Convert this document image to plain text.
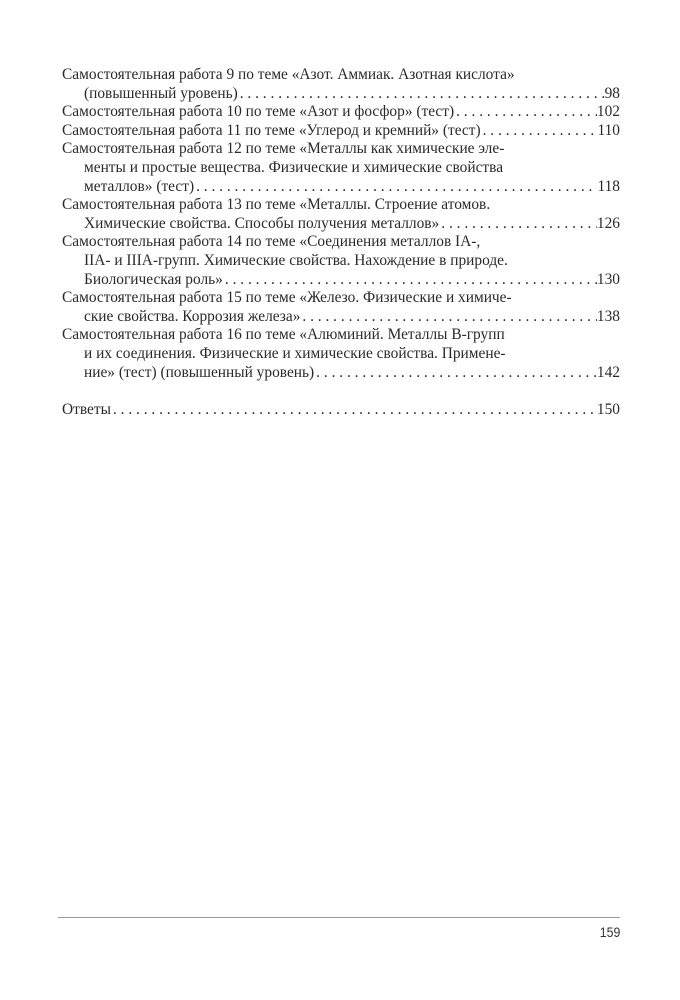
Самостоятельная работа 9 по теме «Азот. Аммиак. Азотная кислота»
(повышенный уровень) . . .	98
Самостоятельная работа 10 по теме «Азот и фосфор» (тест) . . .	102
Самостоятельная работа 11 по теме «Углерод и кремний» (тест) . . .	110
Самостоятельная работа 12 по теме «Металлы как химические эле-
менты и простые вещества. Физические и химические свойства
металлов» (тест) . . .	118
Самостоятельная работа 13 по теме «Металлы. Строение атомов.
Химические свойства. Способы получения металлов» . . .	126
Самостоятельная работа 14 по теме «Соединения металлов IA-,
IIA- и IIIA-групп. Химические свойства. Нахождение в природе.
Биологическая роль» . . .	130
Самостоятельная работа 15 по теме «Железо. Физические и химиче-
ские свойства. Коррозия железа» . . .	138
Самостоятельная работа 16 по теме «Алюминий. Металлы В-групп
и их соединения. Физические и химические свойства. Примене-
ние» (тест) (повышенный уровень) . . .	142
Ответы . . .	150
159
